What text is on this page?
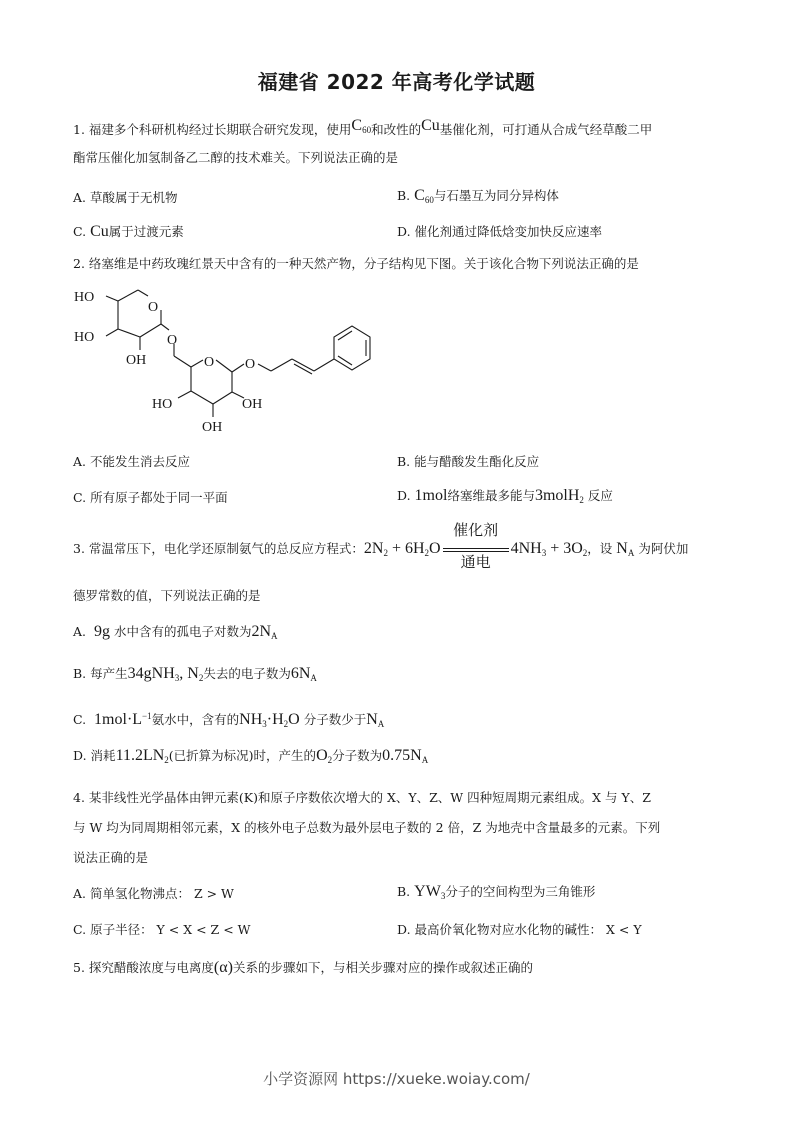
福建省 2022 年高考化学试题
1. 福建多个科研机构经过长期联合研究发现，使用$C_{60}$和改性的Cu基催化剂，可打通从合成气经草酸二甲
酯常压催化加氢制备乙二醇的技术难关。下列说法正确的是
A. 草酸属于无机物	B. $C_{60}$与石墨互为同分异构体
C. Cu属于过渡元素	D. 催化剂通过降低焓变加快反应速率
2. 络塞维是中药玫瑰红景天中含有的一种天然产物，分子结构见下图。关于该化合物下列说法正确的是
HO
O
HO
OH
O
O O
HO	OH
OH
A. 不能发生消去反应	B. 能与醋酸发生酯化反应
C. 所有原子都处于同一平面	D. 1mol络塞维最多能与3molH$_2$ 反应
3. 常温常压下，电化学还原制氨气的总反应方程式：$2N_2 + 6H_2O$
催化剂
通电
$4NH_3 + 3O_2$，设 $N_A$ 为阿伏加
德罗常数的值，下列说法正确的是
A. 9g 水中含有的孤电子对数为$2N_A$
B. 每产生34gNH$_3$, $N_2$失去的电子数为$6N_A$
C. $1mol\cdot L^{-1}$氨水中，含有的$NH_3\cdot H_2O$ 分子数少于$N_A$
D. 消耗$11.2LN_2$(已折算为标况)时，产生的$O_2$分子数为$0.75N_A$
4. 某非线性光学晶体由钾元素(K)和原子序数依次增大的 X、Y、Z、W 四种短周期元素组成。X 与 Y、Z
与 W 均为同周期相邻元素，X 的核外电子总数为最外层电子数的 2 倍，Z 为地壳中含量最多的元素。下列
说法正确的是
A. 简单氢化物沸点： Z > W	B. $YW_3$分子的空间构型为三角锥形
C. 原子半径： Y < X < Z < W	D. 最高价氧化物对应水化物的碱性： X < Y
5. 探究醋酸浓度与电离度(α)关系的步骤如下，与相关步骤对应的操作或叙述正确的
小学资源网 https://xueke.woiay.com/
